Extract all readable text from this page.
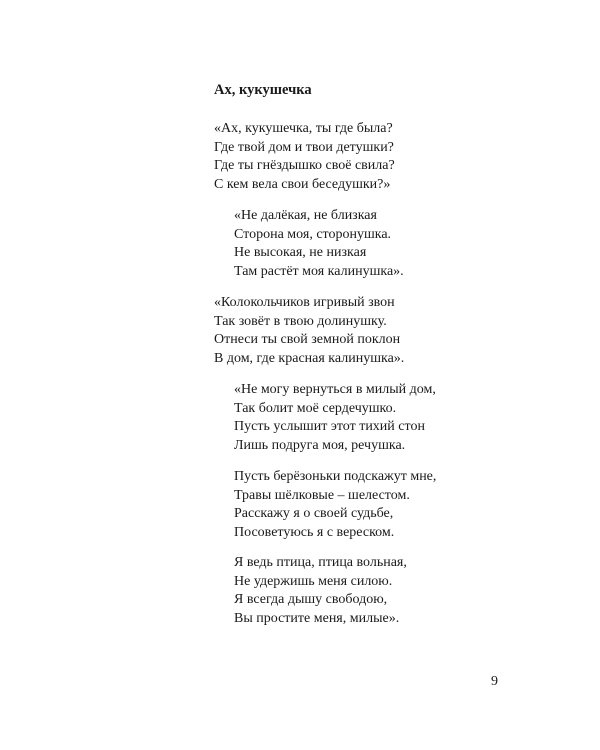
Ах, кукушечка
«Ах, кукушечка, ты где была?
Где твой дом и твои детушки?
Где ты гнёздышко своё свила?
С кем вела свои беседушки?»
«Не далёкая, не близкая
Сторона моя, сторонушка.
Не высокая, не низкая
Там растёт моя калинушка».
«Колокольчиков игривый звон
Так зовёт в твою долинушку.
Отнеси ты свой земной поклон
В дом, где красная калинушка».
«Не могу вернуться в милый дом,
Так болит моё сердечушко.
Пусть услышит этот тихий стон
Лишь подруга моя, речушка.
Пусть берёзоньки подскажут мне,
Травы шёлковые – шелестом.
Расскажу я о своей судьбе,
Посоветуюсь я с вереском.
Я ведь птица, птица вольная,
Не удержишь меня силою.
Я всегда дышу свободою,
Вы простите меня, милые».
9
